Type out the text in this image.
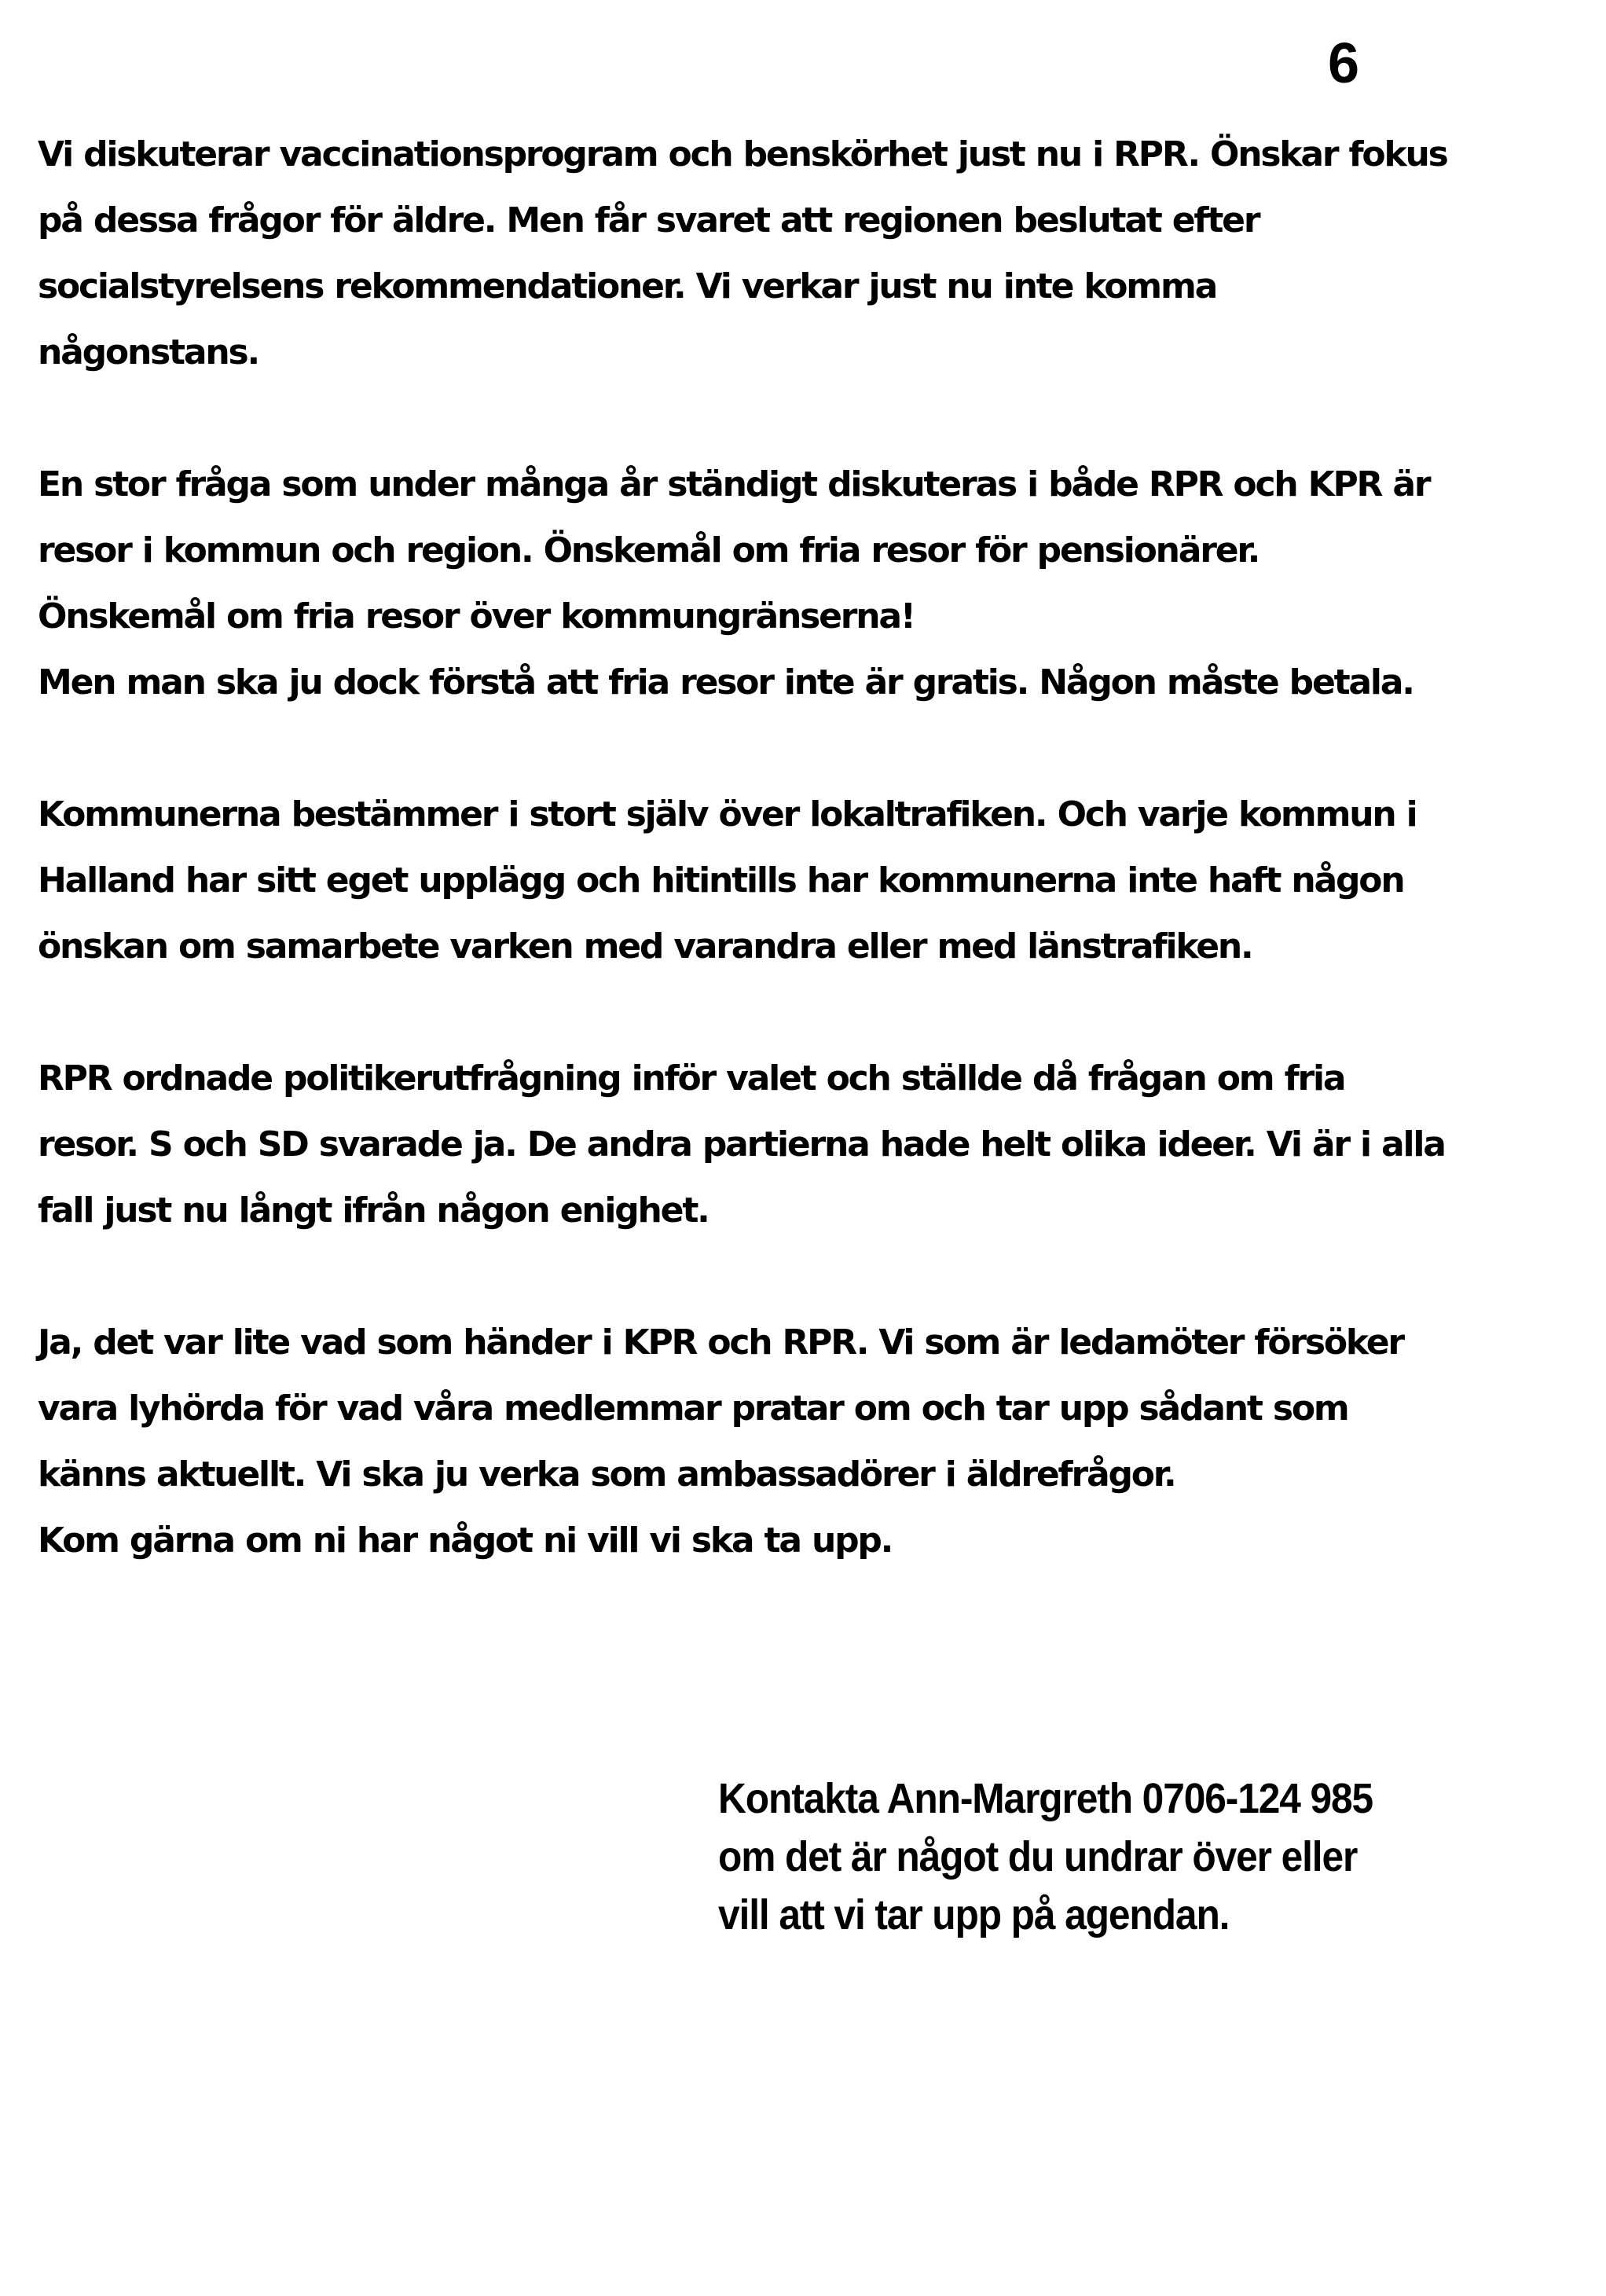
6
Vi diskuterar vaccinationsprogram och benskörhet just nu i RPR. Önskar fokus
på dessa frågor för äldre. Men får svaret att regionen beslutat efter
socialstyrelsens rekommendationer. Vi verkar just nu inte komma
någonstans.
En stor fråga som under många år ständigt diskuteras i både RPR och KPR är
resor i kommun och region. Önskemål om fria resor för pensionärer.
Önskemål om fria resor över kommungränserna!
Men man ska ju dock förstå att fria resor inte är gratis. Någon måste betala.
Kommunerna bestämmer i stort själv över lokaltrafiken. Och varje kommun i
Halland har sitt eget upplägg och hitintills har kommunerna inte haft någon
önskan om samarbete varken med varandra eller med länstrafiken.
RPR ordnade politikerutfrågning inför valet och ställde då frågan om fria
resor. S och SD svarade ja. De andra partierna hade helt olika ideer. Vi är i alla
fall just nu långt ifrån någon enighet.
Ja, det var lite vad som händer i KPR och RPR. Vi som är ledamöter försöker
vara lyhörda för vad våra medlemmar pratar om och tar upp sådant som
känns aktuellt. Vi ska ju verka som ambassadörer i äldrefrågor.
Kom gärna om ni har något ni vill vi ska ta upp.
Kontakta Ann-Margreth 0706-124 985
om det är något du undrar över eller
vill att vi tar upp på agendan.
